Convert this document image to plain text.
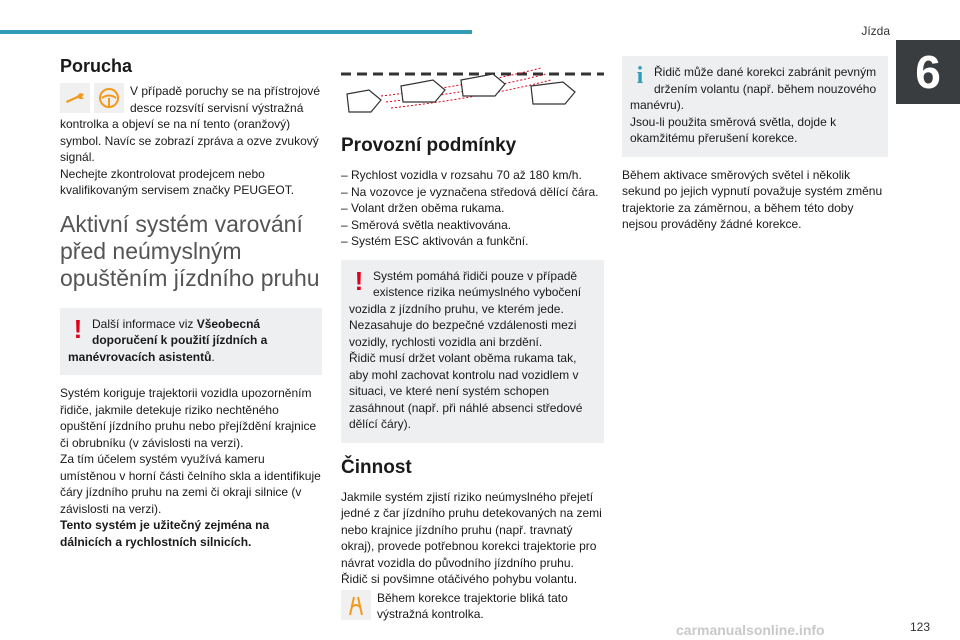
Jízda
6
Porucha

V případě poruchy se na přístrojové desce rozsvítí servisní výstražná kontrolka a objeví se na ní tento (oranžový) symbol. Navíc se zobrazí zpráva a ozve zvukový signál.

Nechejte zkontrolovat prodejcem nebo kvalifikovaným servisem značky PEUGEOT.

Aktivní systém varování před neúmyslným opuštěním jízdního pruhu
! Další informace viz Všeobecná doporučení k použití jízdních a manévrovacích asistentů.

Systém koriguje trajektorii vozidla upozorněním řidiče, jakmile detekuje riziko nechtěného opuštění jízdního pruhu nebo přejíždění krajnice či obrubníku (v závislosti na verzi).

Za tím účelem systém využívá kameru umístěnou v horní části čelního skla a identifikuje čáry jízdního pruhu na zemi či okraji silnice (v závislosti na verzi).

Tento systém je užitečný zejména na dálnicích a rychlostních silnicích.

Provozní podmínky
– Rychlost vozidla v rozsahu 70 až 180 km/h.
– Na vozovce je vyznačena středová dělící čára.
– Volant držen oběma rukama.
– Směrová světla neaktivována.
– Systém ESC aktivován a funkční.
! Systém pomáhá řidiči pouze v případě existence rizika neúmyslného vybočení vozidla z jízdního pruhu, ve kterém jede. Nezasahuje do bezpečné vzdálenosti mezi vozidly, rychlosti vozidla ani brzdění.

Řidič musí držet volant oběma rukama tak, aby mohl zachovat kontrolu nad vozidlem v situaci, ve které není systém schopen zasáhnout (např. při náhlé absenci středové dělící čáry).

Činnost

Jakmile systém zjistí riziko neúmyslného přejetí jedné z čar jízdního pruhu detekovaných na zemi nebo krajnice jízdního pruhu (např. travnatý okraj), provede potřebnou korekci trajektorie pro návrat vozidla do původního jízdního pruhu.

Řidič si povšimne otáčivého pohybu volantu.

Během korekce trajektorie bliká tato výstražná kontrolka.

i Řidič může dané korekci zabránit pevným držením volantu (např. během nouzového manévru).

Jsou-li použita směrová světla, dojde k okamžitému přerušení korekce.

Během aktivace směrových světel i několik sekund po jejich vypnutí považuje systém změnu trajektorie za záměrnou, a během této doby nejsou prováděny žádné korekce.

carmanualsonline.info	123
